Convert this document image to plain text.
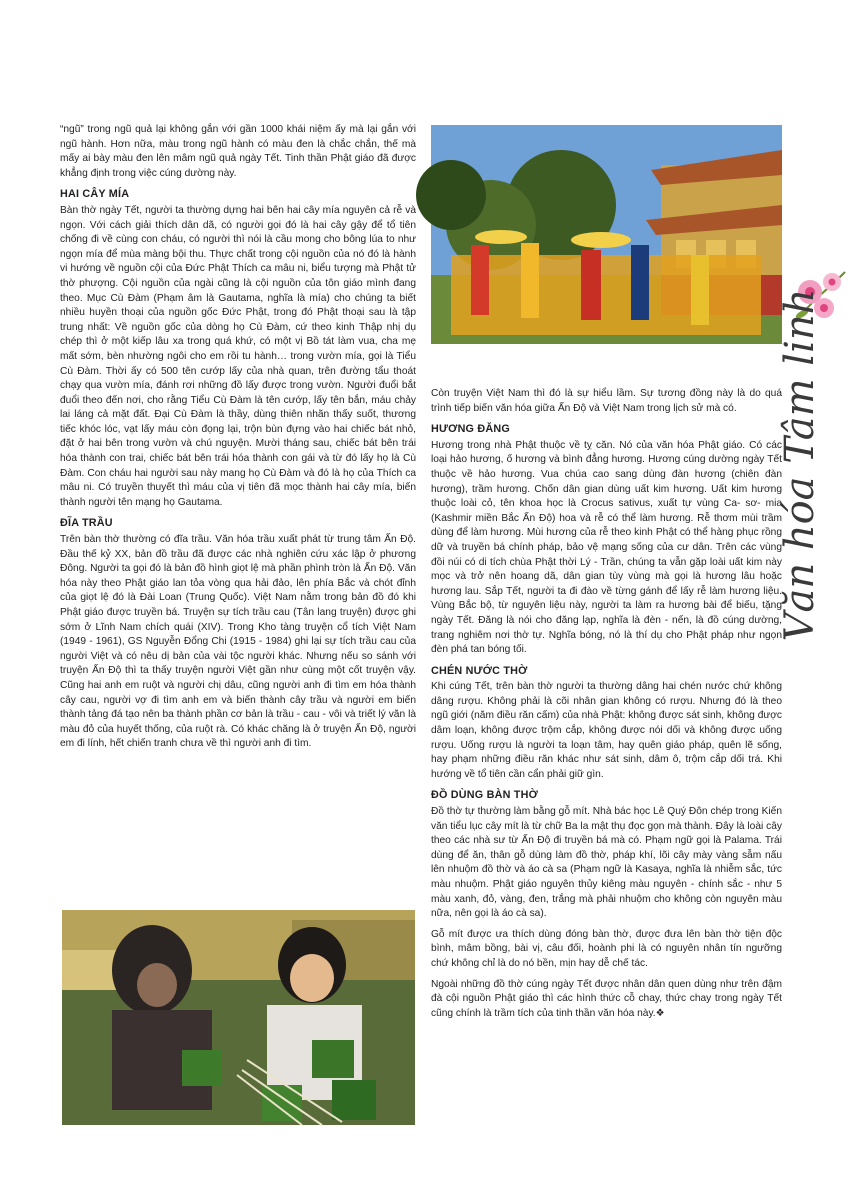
Văn hóa Tâm linh

“ngũ” trong ngũ quả lại không gắn với gần 1000 khái niệm ấy mà lại gắn với ngũ hành. Hơn nữa, màu trong ngũ hành có màu đen là chắc chắn, thế mà mấy ai bày màu đen lên mâm ngũ quả ngày Tết. Tinh thần Phật giáo đã được khẳng định trong việc cúng dường này.

HAI CÂY MÍA

Bàn thờ ngày Tết, người ta thường dựng hai bên hai cây mía nguyên cả rễ và ngọn. Với cách giải thích dân dã, có người gọi đó là hai cây gậy để tổ tiên chống đi về cùng con cháu, có người thì nói là cầu mong cho bông lúa to như ngọn mía để mùa màng bội thu. Thực chất trong cội nguồn của nó đó là hành vi hướng về nguồn cội của Đức Phật Thích ca mâu ni, biểu tượng mà Phật tử thờ phượng. Cội nguồn của ngài cũng là cội nguồn của tôn giáo mình đang theo. Mục Cù Đàm (Phạm âm là Gautama, nghĩa là mía) cho chúng ta biết nhiều huyền thoại của nguồn gốc Đức Phật, trong đó Phật thoại sau là tập trung nhất: Về nguồn gốc của dòng họ Cù Đàm, cứ theo kinh Thập nhị dụ chép thì ở một kiếp lâu xa trong quá khứ, có một vị Bồ tát làm vua, cha mẹ mất sớm, bèn nhường ngôi cho em rồi tu hành… trong vườn mía, gọi là Tiểu Cù Đàm. Thời ấy có 500 tên cướp lấy của nhà quan, trên đường tẩu thoát chạy qua vườn mía, đánh rơi những đồ lấy được trong vườn. Người đuổi bắt đuổi theo đến nơi, cho rằng Tiểu Cù Đàm là tên cướp, lấy tên bắn, máu chảy lai láng cả mặt đất. Đại Cù Đàm là thầy, dùng thiên nhãn thấy suốt, thương tiếc khóc lóc, vạt lấy máu còn đọng lại, trộn bùn đựng vào hai chiếc bát nhỏ, đặt ở hai bên trong vườn và chú nguyện. Mười tháng sau, chiếc bát bên trái hóa thành con trai, chiếc bát bên trái hóa thành con gái và từ đó lấy họ là Cù Đàm. Con cháu hai người sau này mang họ Cù Đàm và đó là họ của Thích ca mâu ni. Có truyền thuyết thì máu của vị tiên đã mọc thành hai cây mía, biến thành người tên mạng họ Gautama.

ĐĨA TRẦU

Trên bàn thờ thường có đĩa trầu. Văn hóa trầu xuất phát từ trung tâm Ấn Độ. Đầu thế kỷ XX, bản đồ trầu đã được các nhà nghiên cứu xác lập ở phương Đông. Người ta gọi đó là bản đồ hình giọt lệ mà phần phình tròn là Ấn Độ. Văn hóa này theo Phật giáo lan tỏa vòng qua hải đảo, lên phía Bắc và chót đỉnh của giọt lệ đó là Đài Loan (Trung Quốc). Việt Nam nằm trong bản đồ đó khi Phật giáo được truyền bá. Truyện sự tích trầu cau (Tân lang truyện) được ghi sớm ở Lĩnh Nam chích quái (XIV). Trong Kho tàng truyện cổ tích Việt Nam (1949 - 1961), GS Nguyễn Đổng Chi (1915 - 1984) ghi lại sự tích trầu cau của người Việt và có nêu dị bản của vài tộc người khác. Nhưng nếu so sánh với truyện Ấn Độ thì ta thấy truyện người Việt gần như cùng một cốt truyện vậy. Cũng hai anh em ruột và người chị dâu, cũng người anh đi tìm em hóa thành cây cau, người vợ đi tìm anh em và biến thành cây trầu và người em biến thành tảng đá tạo nên ba thành phần cơ bản là trầu - cau - vôi và triết lý văn là màu đỏ của huyết thống, của ruột rà. Có khác chăng là ở truyện Ấn Độ, người em đi lính, hết chiến tranh chưa về thì người anh đi tìm.

Còn truyện Việt Nam thì đó là sự hiểu lầm. Sự tương đồng này là do quá trình tiếp biến văn hóa giữa Ấn Độ và Việt Nam trong lịch sử mà có.

HƯƠNG ĐĂNG

Hương trong nhà Phật thuộc về tỵ căn. Nó của văn hóa Phật giáo. Có các loại hảo hương, ố hương và bình đẳng hương. Hương cúng dường ngày Tết thuộc về hảo hương. Vua chúa cao sang dùng đàn hương (chiên đàn hương), trầm hương. Chốn dân gian dùng uất kim hương. Uất kim hương thuộc loài cỏ, tên khoa học là Crocus sativus, xuất tự vùng Ca- sơ- mia (Kashmir miền Bắc Ấn Độ) hoa và rễ có thể làm hương. Rễ thơm mùi trầm dùng để làm hương. Mùi hương của rễ theo kinh Phật có thể hàng phục rồng dữ và truyền bá chính pháp, bảo vệ mạng sống của cư dân. Trên các vùng đồi núi có di tích chùa Phật thời Lý - Trần, chúng ta vẫn gặp loài uất kim này mọc và trở nên hoang dã, dân gian tùy vùng mà gọi là hương lâu hoặc hương lau. Sắp Tết, người ta đi đào về từng gánh để lấy rễ làm hương liệu. Vùng Bắc bộ, từ nguyên liệu này, người ta làm ra hương bài để biếu, tặng ngày Tết. Đăng là nói cho đăng lạp, nghĩa là đèn - nến, là đồ cúng dường, trang nghiêm nơi thờ tự. Nghĩa bóng, nó là thí dụ cho Phật pháp như ngọn đèn phá tan bóng tối.

CHÉN NƯỚC THỜ

Khi cúng Tết, trên bàn thờ người ta thường dâng hai chén nước chứ không dâng rượu. Không phải là cõi nhân gian không có rượu. Nhưng đó là theo ngũ giới (năm điều răn cấm) của nhà Phật: không được sát sinh, không được dâm loạn, không được trộm cắp, không được nói dối và không được uống rượu. Uống rượu là người ta loạn tâm, hay quên giáo pháp, quên lẽ sống, hay phạm những điều răn khác như sát sinh, dâm ô, trộm cắp dối trá. Khi hướng về tổ tiên cần cẩn phải giữ gìn.

ĐỒ DÙNG BÀN THỜ

Đồ thờ tự thường làm bằng gỗ mít. Nhà bác học Lê Quý Đôn chép trong Kiến văn tiểu lục cây mít là từ chữ Ba la mật thụ đọc gọn mà thành. Đây là loài cây theo các nhà sư từ Ấn Độ đi truyền bá mà có. Phạm ngữ gọi là Palama. Trái dùng để ăn, thân gỗ dùng làm đồ thờ, pháp khí, lõi cây mày vàng sẫm nấu lên nhuộm đồ thờ và áo cà sa (Phạm ngữ là Kasaya, nghĩa là nhiễm sắc, tức màu nhuộm. Phật giáo nguyên thủy kiêng màu nguyên - chính sắc - như 5 màu xanh, đỏ, vàng, đen, trắng mà phải nhuộm cho không còn nguyên màu nữa, nên gọi là áo cà sa).

Gỗ mít được ưa thích dùng đóng bàn thờ, được đưa lên bàn thờ tiện độc bình, mâm bồng, bài vị, câu đối, hoành phi là có nguyên nhân tín ngưỡng chứ không chỉ là do nó bền, mịn hay dễ chế tác.

Ngoài những đồ thờ cúng ngày Tết được nhân dân quen dùng như trên đậm đà cội nguồn Phật giáo thì các hình thức cỗ chay, thức chay trong ngày Tết cũng chính là trầm tích của tinh thần văn hóa này.❖
